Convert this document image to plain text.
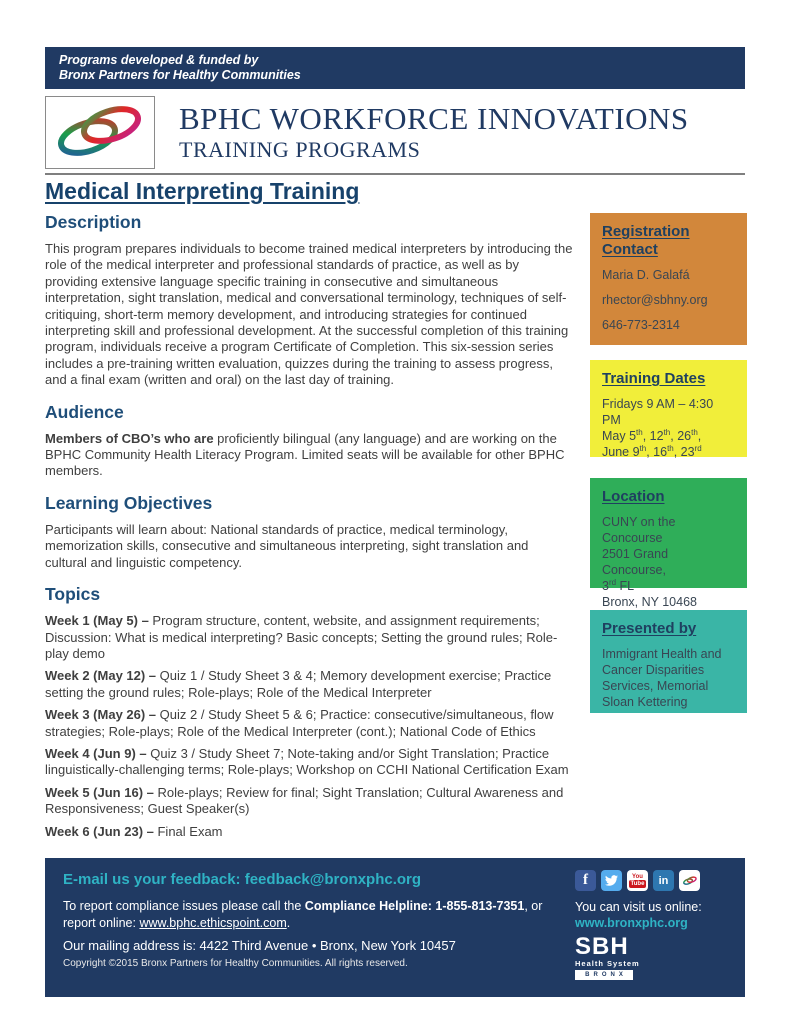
Programs developed & funded by
Bronx Partners for Healthy Communities
BPHC WORKFORCE INNOVATIONS
TRAINING PROGRAMS
Medical Interpreting Training
Description

This program prepares individuals to become trained medical interpreters by introducing the role of the medical interpreter and professional standards of practice, as well as by providing extensive language specific training in consecutive and simultaneous interpretation, sight translation, medical and conversational terminology, techniques of self-critiquing, short-term memory development, and introducing strategies for continued interpreting skill and professional development. At the successful completion of this training program, individuals receive a program Certificate of Completion. This six-session series includes a pre-training written evaluation, quizzes during the training to assess progress, and a final exam (written and oral) on the last day of training.

Audience

Members of CBO’s who are proficiently bilingual (any language) and are working on the BPHC Community Health Literacy Program. Limited seats will be available for other BPHC members.

Learning Objectives

Participants will learn about: National standards of practice, medical terminology, memorization skills, consecutive and simultaneous interpreting, sight translation and cultural and linguistic competency.

Topics

Week 1 (May 5) – Program structure, content, website, and assignment requirements; Discussion: What is medical interpreting? Basic concepts; Setting the ground rules; Role-play demo

Week 2 (May 12) – Quiz 1 / Study Sheet 3 & 4; Memory development exercise; Practice setting the ground rules; Role-plays; Role of the Medical Interpreter

Week 3 (May 26) – Quiz 2 / Study Sheet 5 & 6; Practice: consecutive/simultaneous, flow strategies; Role-plays; Role of the Medical Interpreter (cont.); National Code of Ethics

Week 4 (Jun 9) – Quiz 3 / Study Sheet 7; Note-taking and/or Sight Translation; Practice linguistically-challenging terms; Role-plays; Workshop on CCHI National Certification Exam

Week 5 (Jun 16) – Role-plays; Review for final; Sight Translation; Cultural Awareness and Responsiveness; Guest Speaker(s)

Week 6 (Jun 23) – Final Exam

Registration Contact
Maria D. Galafá
rhector@sbhny.org
646-773-2314
Training Dates
Fridays 9 AM – 4:30 PM
May 5th, 12th, 26th,
June 9th, 16th, 23rd
Location
CUNY on the Concourse
2501 Grand Concourse,
3rd FL
Bronx, NY 10468
Presented by
Immigrant Health and Cancer Disparities Services, Memorial Sloan Kettering
E-mail us your feedback: feedback@bronxphc.org
To report compliance issues please call the Compliance Helpline: 1-855-813-7351, or report online: www.bphc.ethicspoint.com.
Our mailing address is: 4422 Third Avenue • Bronx, New York 10457
Copyright ©2015 Bronx Partners for Healthy Communities. All rights reserved.
f	You
Tube in
You can visit us online:
www.bronxphc.org
SBH
Health System
BRONX
